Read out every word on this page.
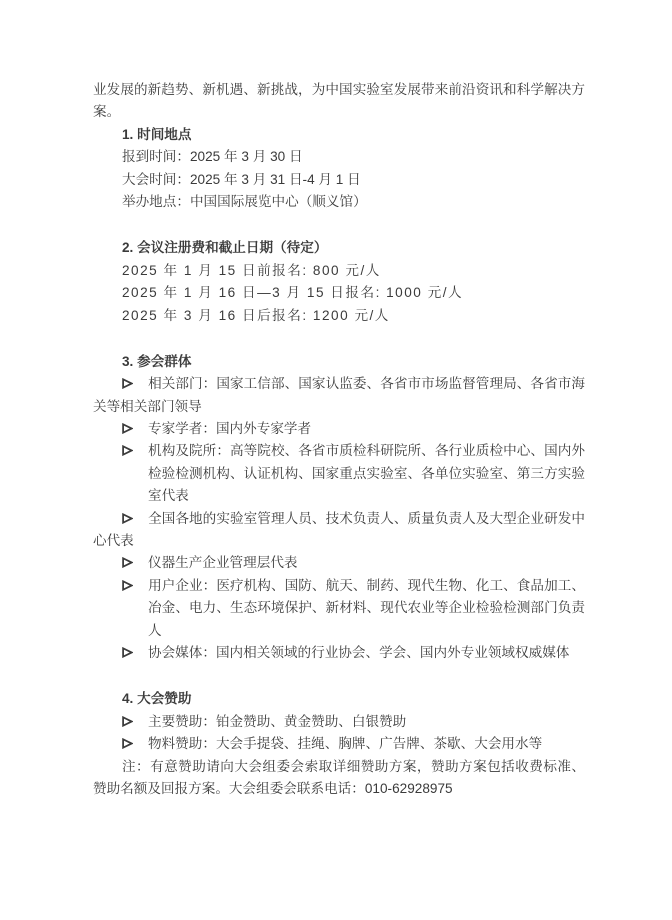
业发展的新趋势、新机遇、新挑战，为中国实验室发展带来前沿资讯和科学解决方
案。
1. 时间地点
报到时间：2025 年 3 月 30 日
大会时间：2025 年 3 月 31 日-4 月 1 日
举办地点：中国国际展览中心（顺义馆）
2. 会议注册费和截止日期（待定）
2025 年 1 月 15 日前报名: 800 元/人
2025 年 1 月 16 日—3 月 15 日报名: 1000 元/人
2025 年 3 月 16 日后报名: 1200 元/人
3. 参会群体
相关部门：国家工信部、国家认监委、各省市市场监督管理局、各省市海
关等相关部门领导
专家学者：国内外专家学者
机构及院所：高等院校、各省市质检科研院所、各行业质检中心、国内外
检验检测机构、认证机构、国家重点实验室、各单位实验室、第三方实验
室代表
全国各地的实验室管理人员、技术负责人、质量负责人及大型企业研发中
心代表
仪器生产企业管理层代表
用户企业：医疗机构、国防、航天、制药、现代生物、化工、食品加工、
冶金、电力、生态环境保护、新材料、现代农业等企业检验检测部门负责
人
协会媒体：国内相关领域的行业协会、学会、国内外专业领域权威媒体
4. 大会赞助
主要赞助：铂金赞助、黄金赞助、白银赞助
物料赞助：大会手提袋、挂绳、胸牌、广告牌、茶歇、大会用水等
注：有意赞助请向大会组委会索取详细赞助方案，赞助方案包括收费标准、
赞助名额及回报方案。大会组委会联系电话：010-62928975
